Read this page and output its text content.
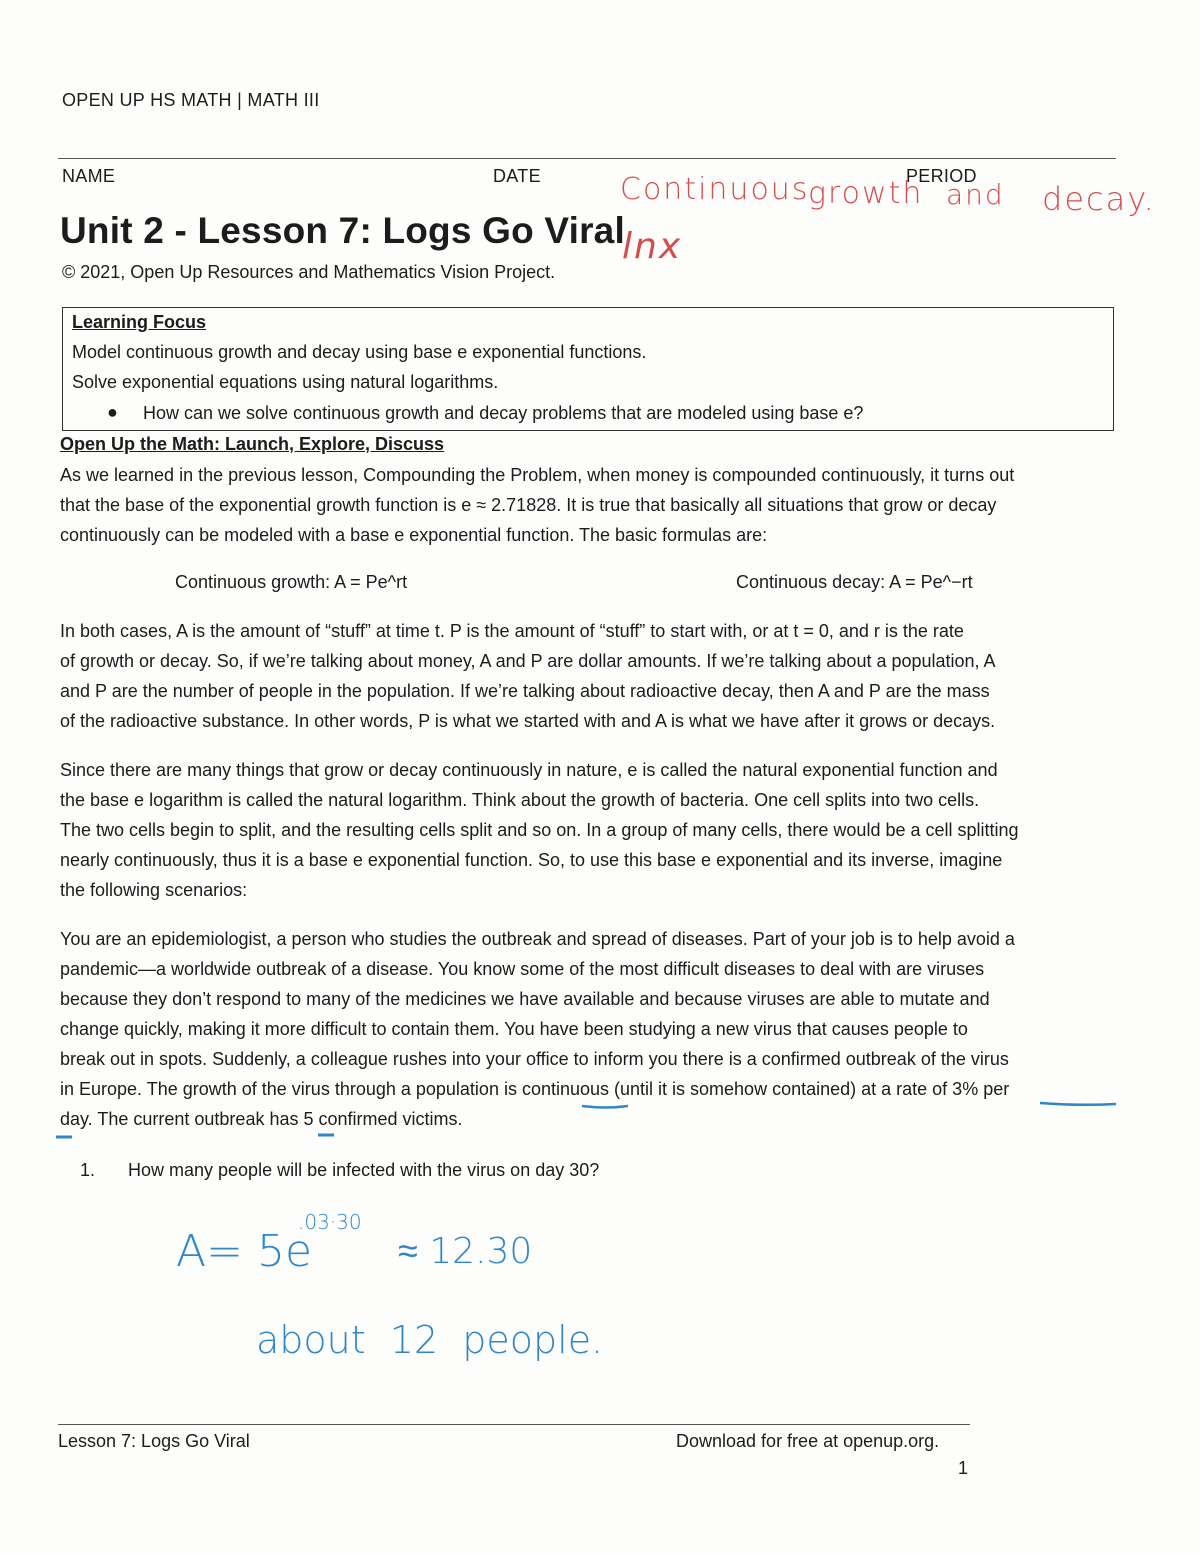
OPEN UP HS MATH | MATH III
NAME	DATE	PERIOD
Continuous
growth and decay.
lnx
Unit 2 - Lesson 7: Logs Go Viral
© 2021, Open Up Resources and Mathematics Vision Project.
Learning Focus
Model continuous growth and decay using base e exponential functions.
Solve exponential equations using natural logarithms.
● How can we solve continuous growth and decay problems that are modeled using base e?
Open Up the Math: Launch, Explore, Discuss
As we learned in the previous lesson, Compounding the Problem, when money is compounded continuously, it turns out
that the base of the exponential growth function is e ≈ 2.71828. It is true that basically all situations that grow or decay
continuously can be modeled with a base e exponential function. The basic formulas are:
Continuous growth: A = Pe^rt	Continuous decay: A = Pe^−rt
In both cases, A is the amount of “stuff” at time t. P is the amount of “stuff” to start with, or at t = 0, and r is the rate
of growth or decay. So, if we’re talking about money, A and P are dollar amounts. If we’re talking about a population, A
and P are the number of people in the population. If we’re talking about radioactive decay, then A and P are the mass
of the radioactive substance. In other words, P is what we started with and A is what we have after it grows or decays.
Since there are many things that grow or decay continuously in nature, e is called the natural exponential function and
the base e logarithm is called the natural logarithm. Think about the growth of bacteria. One cell splits into two cells.
The two cells begin to split, and the resulting cells split and so on. In a group of many cells, there would be a cell splitting
nearly continuously, thus it is a base e exponential function. So, to use this base e exponential and its inverse, imagine
the following scenarios:
You are an epidemiologist, a person who studies the outbreak and spread of diseases. Part of your job is to help avoid a
pandemic—a worldwide outbreak of a disease. You know some of the most difficult diseases to deal with are viruses
because they don’t respond to many of the medicines we have available and because viruses are able to mutate and
change quickly, making it more difficult to contain them. You have been studying a new virus that causes people to
break out in spots. Suddenly, a colleague rushes into your office to inform you there is a confirmed outbreak of the virus
in Europe. The growth of the virus through a population is continuous (until it is somehow contained) at a rate of 3% per
day. The current outbreak has 5 confirmed victims.
1. How many people will be infected with the virus on day 30?
A= 5e
.03·30
≈ 12.30
about  12  people.
Lesson 7: Logs Go Viral	Download for free at openup.org.
1
